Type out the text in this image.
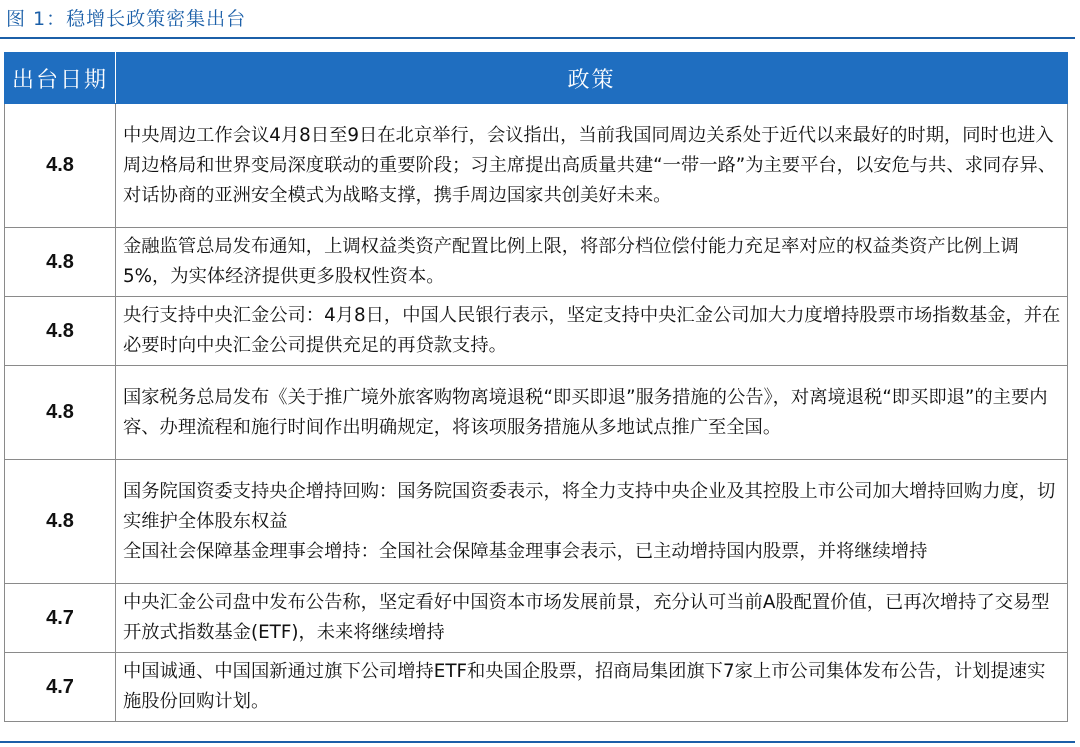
图 1：稳增长政策密集出台
出台日期	政策
4.8	中央周边工作会议4月8日至9日在北京举行，会议指出，当前我国同周边关系处于近代以来最好的时期，同时也进入周边格局和世界变局深度联动的重要阶段；习主席提出高质量共建“一带一路”为主要平台，以安危与共、求同存异、对话协商的亚洲安全模式为战略支撑，携手周边国家共创美好未来。

4.8	金融监管总局发布通知，上调权益类资产配置比例上限，将部分档位偿付能力充足率对应的权益类资产比例上调5%，为实体经济提供更多股权性资本。

4.8	央行支持中央汇金公司：4月8日，中国人民银行表示，坚定支持中央汇金公司加大力度增持股票市场指数基金，并在必要时向中央汇金公司提供充足的再贷款支持。

4.8	国家税务总局发布《关于推广境外旅客购物离境退税“即买即退”服务措施的公告》，对离境退税“即买即退”的主要内容、办理流程和施行时间作出明确规定，将该项服务措施从多地试点推广至全国。

4.8	国务院国资委支持央企增持回购：国务院国资委表示，将全力支持中央企业及其控股上市公司加大增持回购力度，切实维护全体股东权益
全国社会保障基金理事会增持：全国社会保障基金理事会表示，已主动增持国内股票，并将继续增持

4.7	中央汇金公司盘中发布公告称，坚定看好中国资本市场发展前景，充分认可当前A股配置价值，已再次增持了交易型开放式指数基金(ETF)，未来将继续增持

4.7	中国诚通、中国国新通过旗下公司增持ETF和央国企股票，招商局集团旗下7家上市公司集体发布公告，计划提速实施股份回购计划。
